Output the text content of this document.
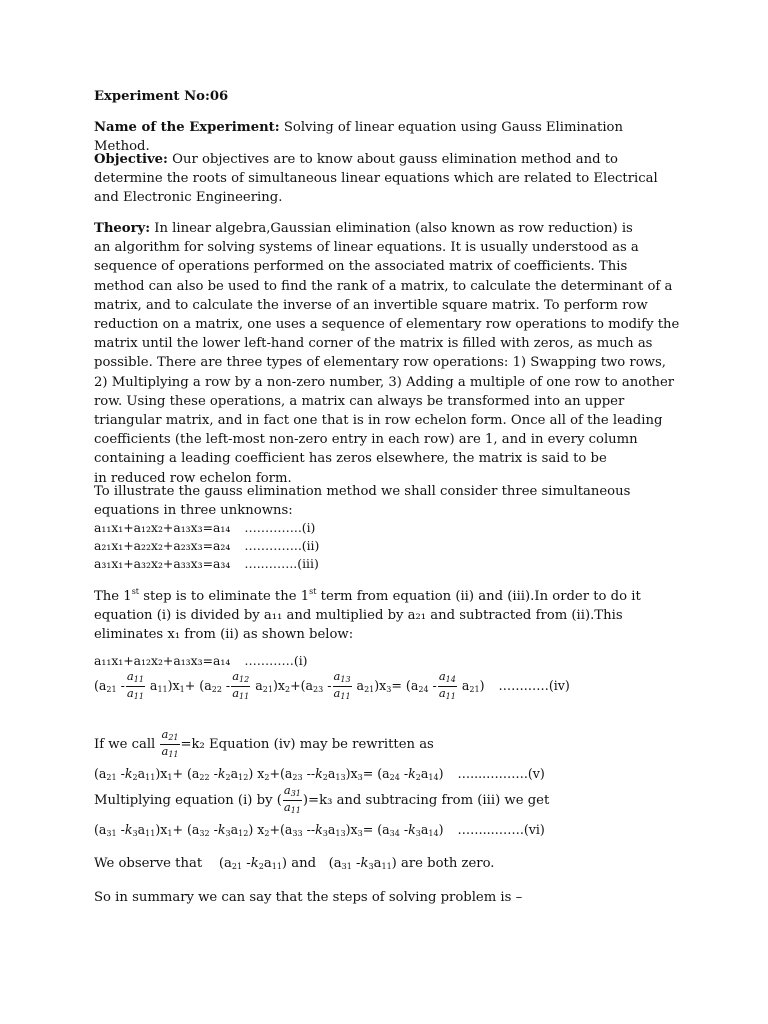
Experiment No:06

Name of the Experiment: Solving of linear equation using Gauss Elimination Method.

Objective: Our objectives are to know about gauss elimination method and to determine the roots of simultaneous linear equations which are related to Electrical and Electronic Engineering.

Theory: In linear algebra,Gaussian elimination (also known as row reduction) is
an algorithm for solving systems of linear equations. It is usually understood as a sequence of operations performed on the associated matrix of coefficients. This method can also be used to find the rank of a matrix, to calculate the determinant of a matrix, and to calculate the inverse of an invertible square matrix. To perform row reduction on a matrix, one uses a sequence of elementary row operations to modify the matrix until the lower left-hand corner of the matrix is filled with zeros, as much as possible. There are three types of elementary row operations: 1) Swapping two rows, 2) Multiplying a row by a non-zero number, 3) Adding a multiple of one row to another row. Using these operations, a matrix can always be transformed into an upper triangular matrix, and in fact one that is in row echelon form. Once all of the leading coefficients (the left-most non-zero entry in each row) are 1, and in every column containing a leading coefficient has zeros elsewhere, the matrix is said to be
in reduced row echelon form.

To illustrate the gauss elimination method we shall consider three simultaneous equations in three unknowns:

a₁₁x₁+a₁₂x₂+a₁₃x₃=a₁₄ …………..(i)
a₂₁x₁+a₂₂x₂+a₂₃x₃=a₂₄ …………..(ii)
a₃₁x₁+a₃₂x₂+a₃₃x₃=a₃₄ …..……..(iii)

The 1st step is to eliminate the 1st term from equation (ii) and (iii).In order to do it equation (i) is divided by a₁₁ and multiplied by a₂₁ and subtracted from (ii).This eliminates x₁ from (ii) as shown below:

a₁₁x₁+a₁₂x₂+a₁₃x₃=a₁₄ …………(i)
$(a_{21} - \frac{a_{11}}{a_{11}} a_{11})x_1+ (a_{22} - \frac{a_{12}}{a_{11}} a_{21})x_2+(a_{23} - \frac{a_{13}}{a_{11}} a_{21})x_3= (a_{24} - \frac{a_{14}}{a_{11}} a_{21})$ …………(iv)
If we call $\frac{a_{21}}{a_{11}} =k_2$ Equation (iv) may be rewritten as
($a_{21}$ $-k_2a_{11})x_1+ (a_{22}$ $-k_2a_{12}$) $x_2+(a_{23}$ $--k_2a_{13})x_3= (a_{24}$ $-k_2a_{14}$) …....……….(v)
Multiplying equation (i) by ( $\frac{a_{31}}{a_{11}} )=k_3$ and subtracing from (iii) we get
($a_{31}$ $-k_3a_{11})x_1+ (a_{32}$ $-k_3a_{12}$) $x_2+(a_{33}$ $--k_3a_{13})x_3= (a_{34}$ $-k_3a_{14}$) ……...…….(vi)
We observe that    ($a_{21}$ $-k_2a_{11}$) and   ($a_{31}$ $-k_3a_{11}$) are both zero.

So in summary we can say that the steps of solving problem is –
